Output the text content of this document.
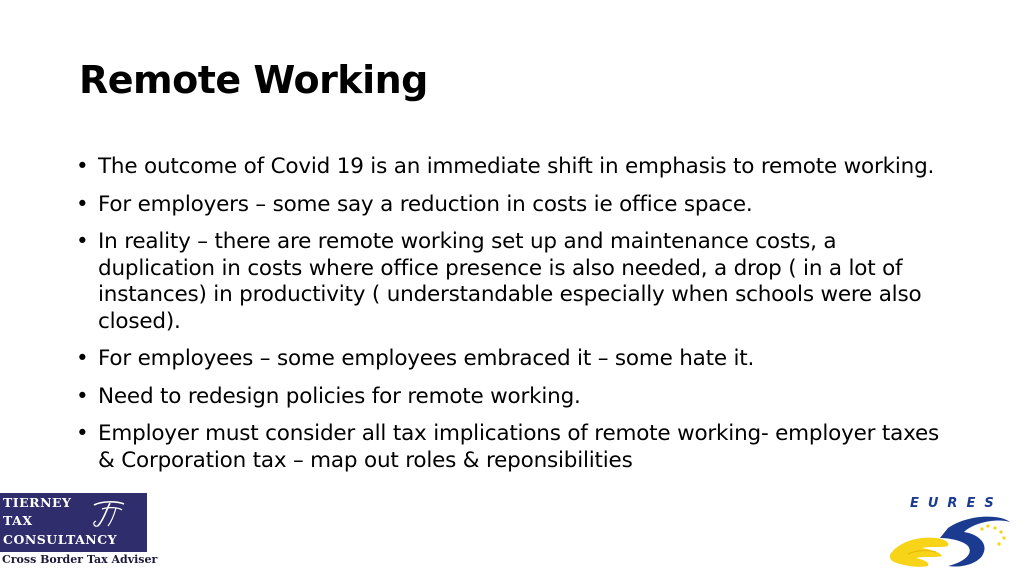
Remote Working
• The outcome of Covid 19 is an immediate shift in emphasis to remote working.
• For employers – some say a reduction in costs ie office space.
• In reality – there are remote working set up and maintenance costs, a duplication in costs where office presence is also needed, a drop ( in a lot of instances) in productivity ( understandable especially when schools were also closed).
• For employees – some employees embraced it – some hate it.
• Need to redesign policies for remote working.
• Employer must consider all tax implications of remote working- employer taxes & Corporation tax – map out roles & reponsibilities
TIERNEY
TAX
CONSULTANCY
Cross Border Tax Adviser
EURES
